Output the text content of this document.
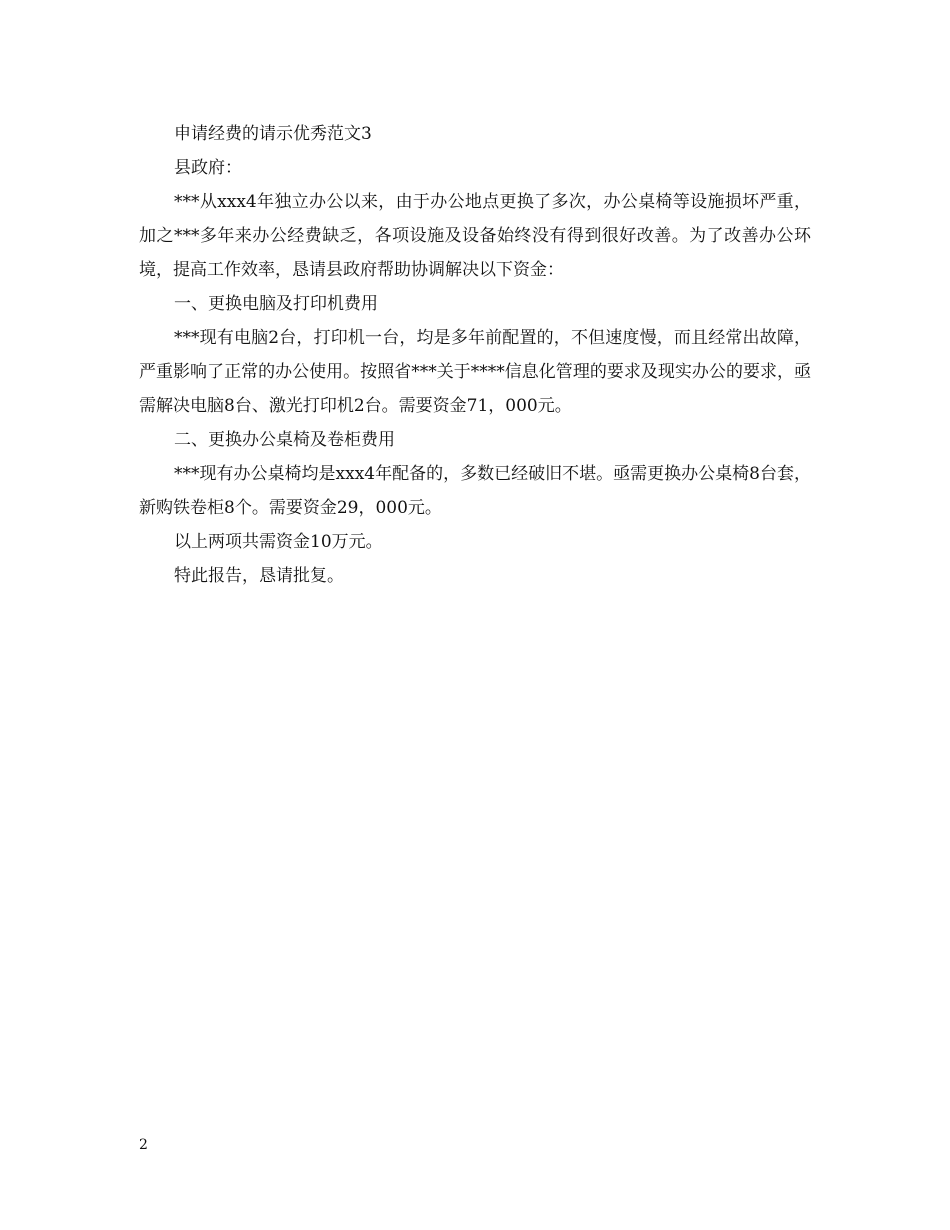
申请经费的请示优秀范文3

县政府：

***从xxx4年独立办公以来，由于办公地点更换了多次，办公桌椅等设施损坏严重，加之***多年来办公经费缺乏，各项设施及设备始终没有得到很好改善。为了改善办公环境，提高工作效率，恳请县政府帮助协调解决以下资金：

一、更换电脑及打印机费用

***现有电脑2台，打印机一台，均是多年前配置的，不但速度慢，而且经常出故障，严重影响了正常的办公使用。按照省***关于****信息化管理的要求及现实办公的要求，亟需解决电脑8台、激光打印机2台。需要资金71，000元。

二、更换办公桌椅及卷柜费用

***现有办公桌椅均是xxx4年配备的，多数已经破旧不堪。亟需更换办公桌椅8台套，新购铁卷柜8个。需要资金29，000元。

以上两项共需资金10万元。

特此报告，恳请批复。

2
